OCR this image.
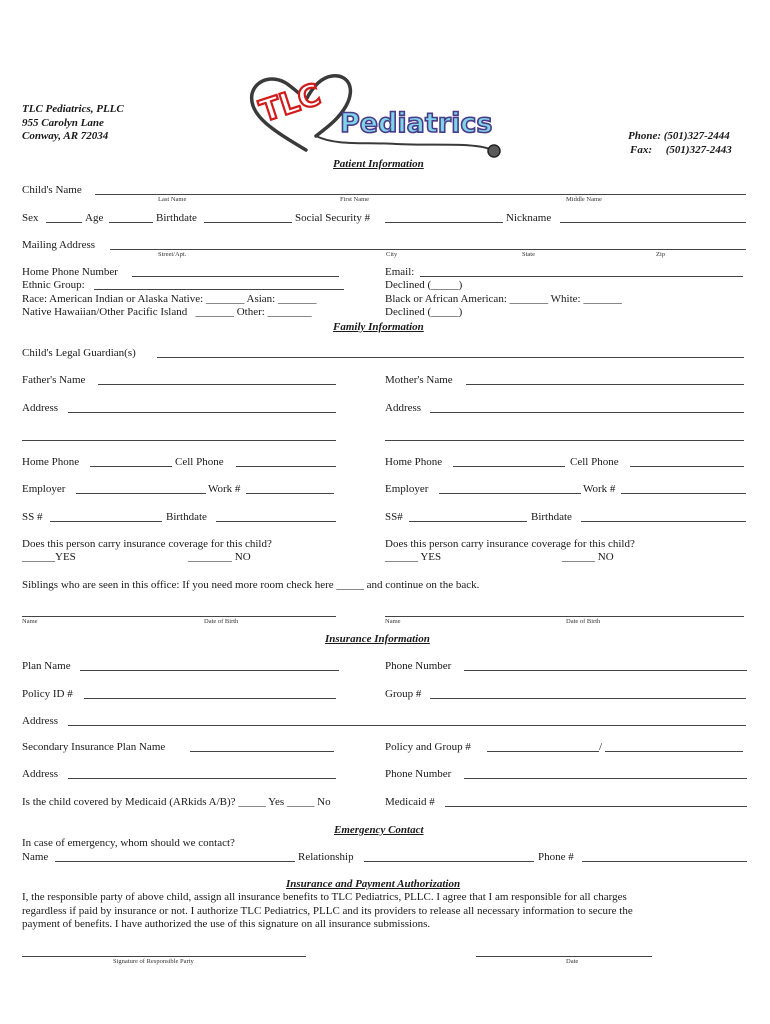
TLC Pediatrics, PLLC
955 Carolyn Lane
Conway, AR 72034	Phone: (501)327-2444
Fax:     (501)327-2443
TLC Pediatrics
Patient Information
Child's Name
Last Name	First Name	Middle Name
Sex	Age	Birthdate	Social Security #	Nickname
Mailing Address
Street/Apt.	City	State	Zip
Home Phone Number	Email:
Ethnic Group:	Declined (_____)
Race: American Indian or Alaska Native: _______ Asian: _______	Black or African American: _______ White: _______
Native Hawaiian/Other Pacific Island   _______ Other: ________	Declined (_____)
Family Information
Child's Legal Guardian(s)
Father's Name	Mother's Name
Address	Address
Home Phone	Cell Phone	Home Phone	Cell Phone
Employer	Work #	Employer	Work #
SS #	Birthdate	SS#	Birthdate
Does this person carry insurance coverage for this child?
______YES	________ NO
Does this person carry insurance coverage for this child?
______ YES	______ NO
Siblings who are seen in this office: If you need more room check here _____ and continue on the back.
Name	Date of Birth	Name	Date of Birth
Insurance Information
Plan Name	Phone Number
Policy ID #	Group #
Address
Secondary Insurance Plan Name	Policy and Group #	/
Address	Phone Number
Is the child covered by Medicaid (ARkids A/B)? _____ Yes _____ No	Medicaid #
Emergency Contact
In case of emergency, whom should we contact?
Name	Relationship	Phone #
Insurance and Payment Authorization
I, the responsible party of above child, assign all insurance benefits to TLC Pediatrics, PLLC. I agree that I am responsible for all charges
regardless if paid by insurance or not. I authorize TLC Pediatrics, PLLC and its providers to release all necessary information to secure the
payment of benefits. I have authorized the use of this signature on all insurance submissions.
Signature of Responsible Party	Date
